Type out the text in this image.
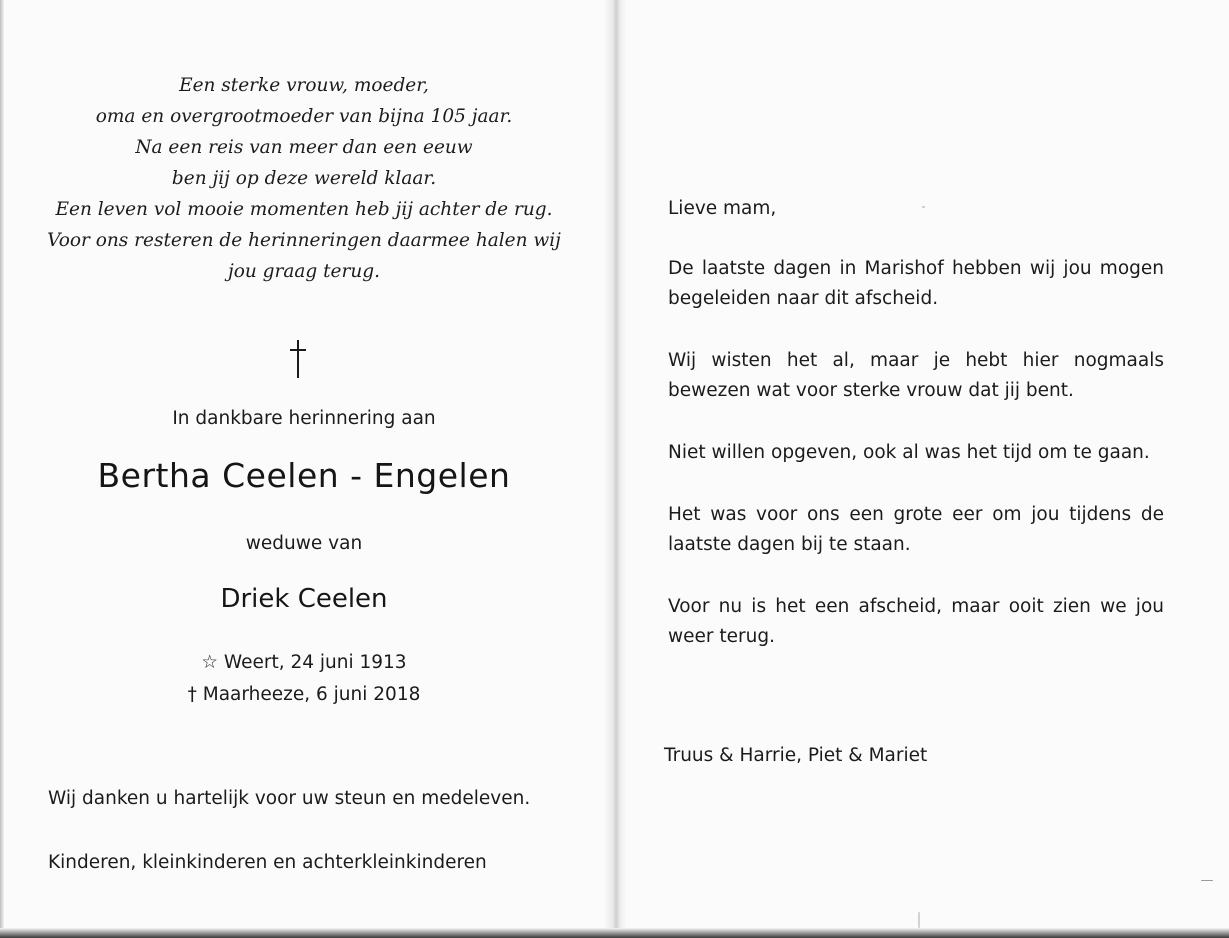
Een sterke vrouw, moeder,
oma en overgrootmoeder van bijna 105 jaar.
Na een reis van meer dan een eeuw
ben jij op deze wereld klaar.
Een leven vol mooie momenten heb jij achter de rug.
Voor ons resteren de herinneringen daarmee halen wij
jou graag terug.
In dankbare herinnering aan
Bertha Ceelen - Engelen
weduwe van
Driek Ceelen
☆ Weert, 24 juni 1913
† Maarheeze, 6 juni 2018
Wij danken u hartelijk voor uw steun en medeleven.
Kinderen, kleinkinderen en achterkleinkinderen

Lieve mam,

De laatste dagen in Marishof hebben wij jou mogen begeleiden naar dit afscheid.

Wij wisten het al, maar je hebt hier nogmaals bewezen wat voor sterke vrouw dat jij bent.

Niet willen opgeven, ook al was het tijd om te gaan.

Het was voor ons een grote eer om jou tijdens de laatste dagen bij te staan.

Voor nu is het een afscheid, maar ooit zien we jou weer terug.

Truus & Harrie, Piet & Mariet
